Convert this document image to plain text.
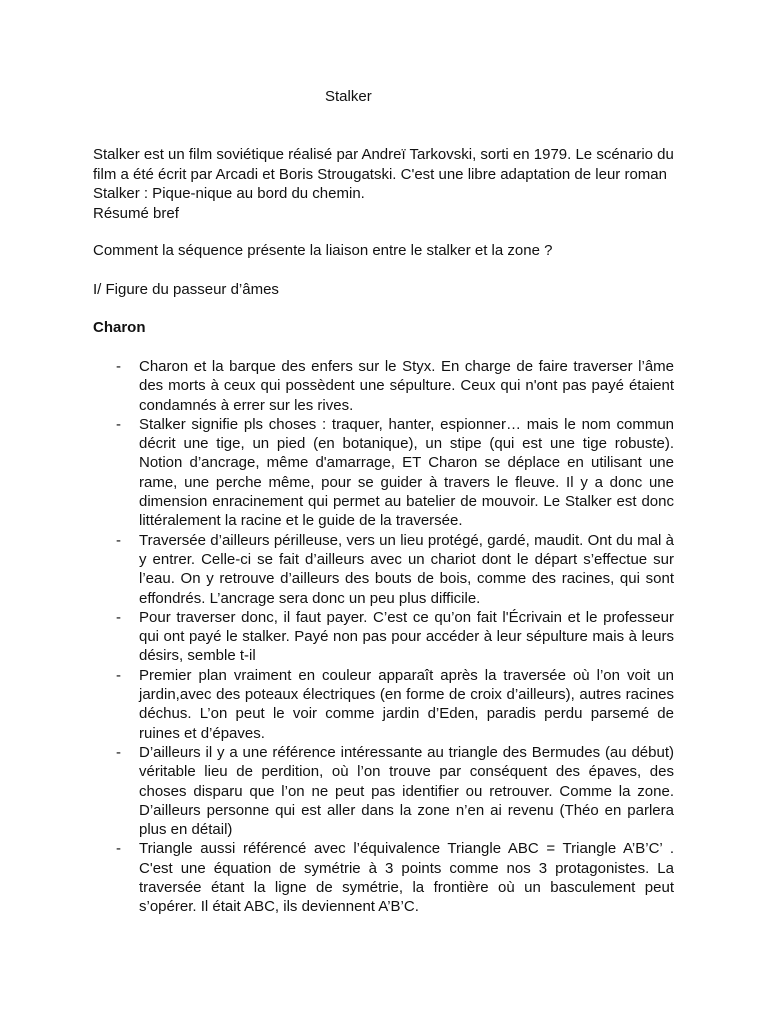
Stalker

Stalker est un film soviétique réalisé par Andreï Tarkovski, sorti en 1979. Le scénario du film a été écrit par Arcadi et Boris Strougatski. C'est une libre adaptation de leur roman Stalker : Pique-nique au bord du chemin.

Résumé bref

Comment la séquence présente la liaison entre le stalker et la zone ?

I/ Figure du passeur d’âmes
Charon
- Charon et la barque des enfers sur le Styx. En charge de faire traverser l’âme des morts à ceux qui possèdent une sépulture. Ceux qui n'ont pas payé étaient condamnés à errer sur les rives.
- Stalker signifie pls choses : traquer, hanter, espionner… mais le nom commun décrit une tige, un pied (en botanique), un stipe (qui est une tige robuste). Notion d’ancrage, même d'amarrage, ET Charon se déplace en utilisant une rame, une perche même, pour se guider à travers le fleuve. Il y a donc une dimension enracinement qui permet au batelier de mouvoir. Le Stalker est donc littéralement la racine et le guide de la traversée.
- Traversée d’ailleurs périlleuse, vers un lieu protégé, gardé, maudit. Ont du mal à y entrer. Celle-ci se fait d’ailleurs avec un chariot dont le départ s’effectue sur l’eau. On y retrouve d’ailleurs des bouts de bois, comme des racines, qui sont effondrés. L’ancrage sera donc un peu plus difficile.
- Pour traverser donc, il faut payer. C’est ce qu’on fait l'Écrivain et le professeur qui ont payé le stalker. Payé non pas pour accéder à leur sépulture mais à leurs désirs, semble t-il
- Premier plan vraiment en couleur apparaît après la traversée où l’on voit un jardin,avec des poteaux électriques (en forme de croix d’ailleurs), autres racines déchus. L’on peut le voir comme jardin d’Eden, paradis perdu parsemé de ruines et d’épaves.
- D’ailleurs il y a une référence intéressante au triangle des Bermudes (au début) véritable lieu de perdition, où l’on trouve par conséquent des épaves, des choses disparu que l’on ne peut pas identifier ou retrouver. Comme la zone. D’ailleurs personne qui est aller dans la zone n’en ai revenu (Théo en parlera plus en détail)
- Triangle aussi référencé avec l’équivalence Triangle ABC = Triangle A’B’C’ . C'est une équation de symétrie à 3 points comme nos 3 protagonistes. La traversée étant la ligne de symétrie, la frontière où un basculement peut s’opérer. Il était ABC, ils deviennent A’B’C.
